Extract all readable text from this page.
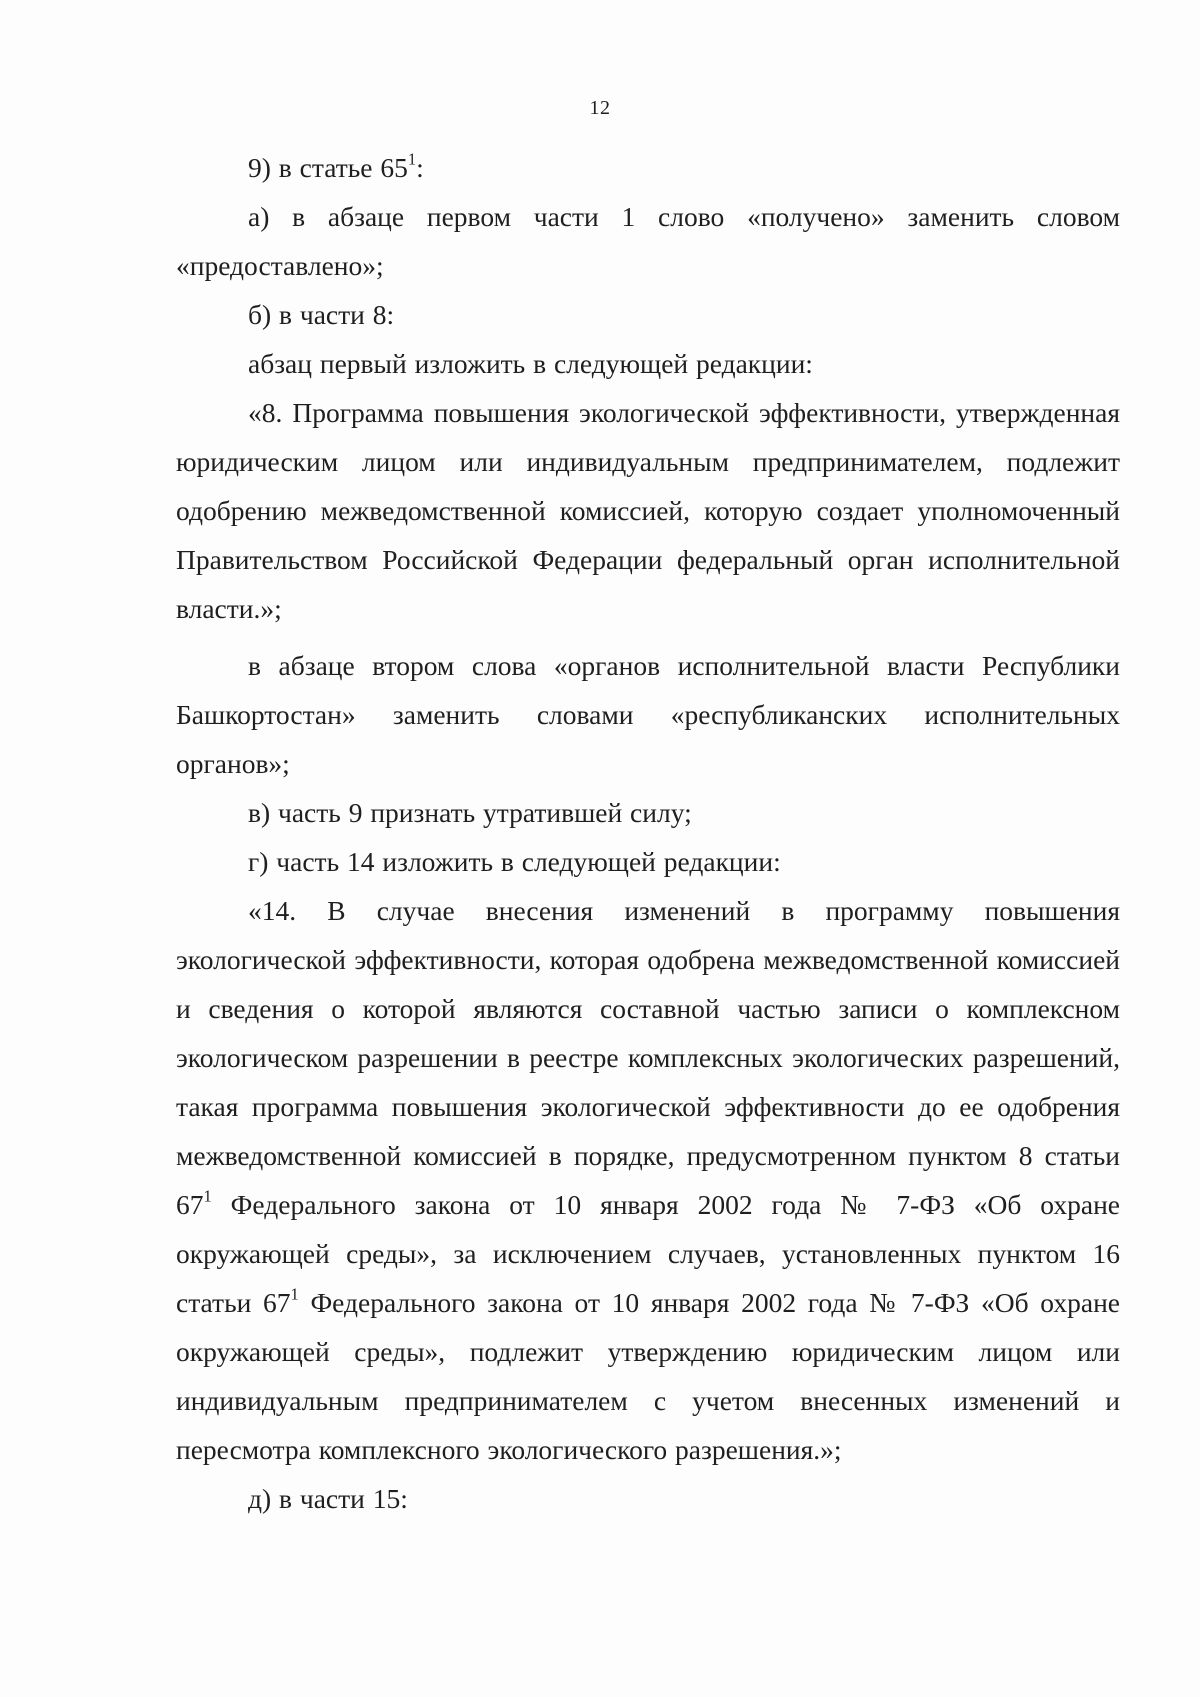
12

9) в статье $65^1$:

а) в абзаце первом части 1 слово «получено» заменить словом «предоставлено»;

б) в части 8:

абзац первый изложить в следующей редакции:

«8. Программа повышения экологической эффективности, утвержденная юридическим лицом или индивидуальным предпринимателем, подлежит одобрению межведомственной комиссией, которую создает уполномоченный Правительством Российской Федерации федеральный орган исполнительной власти.»;

в абзаце втором слова «органов исполнительной власти Республики Башкортостан» заменить словами «республиканских исполнительных органов»;

в) часть 9 признать утратившей силу;

г) часть 14 изложить в следующей редакции:

«14. В случае внесения изменений в программу повышения экологической эффективности, которая одобрена межведомственной комиссией и сведения о которой являются составной частью записи о комплексном экологическом разрешении в реестре комплексных экологических разрешений, такая программа повышения экологической эффективности до ее одобрения межведомственной комиссией в порядке, предусмотренном пунктом 8 статьи $67^1$ Федерального закона от 10 января 2002 года № 7-ФЗ «Об охране окружающей среды», за исключением случаев, установленных пунктом 16 статьи $67^1$ Федерального закона от 10 января 2002 года № 7-ФЗ «Об охране окружающей среды», подлежит утверждению юридическим лицом или индивидуальным предпринимателем с учетом внесенных изменений и пересмотра комплексного экологического разрешения.»;

д) в части 15:
